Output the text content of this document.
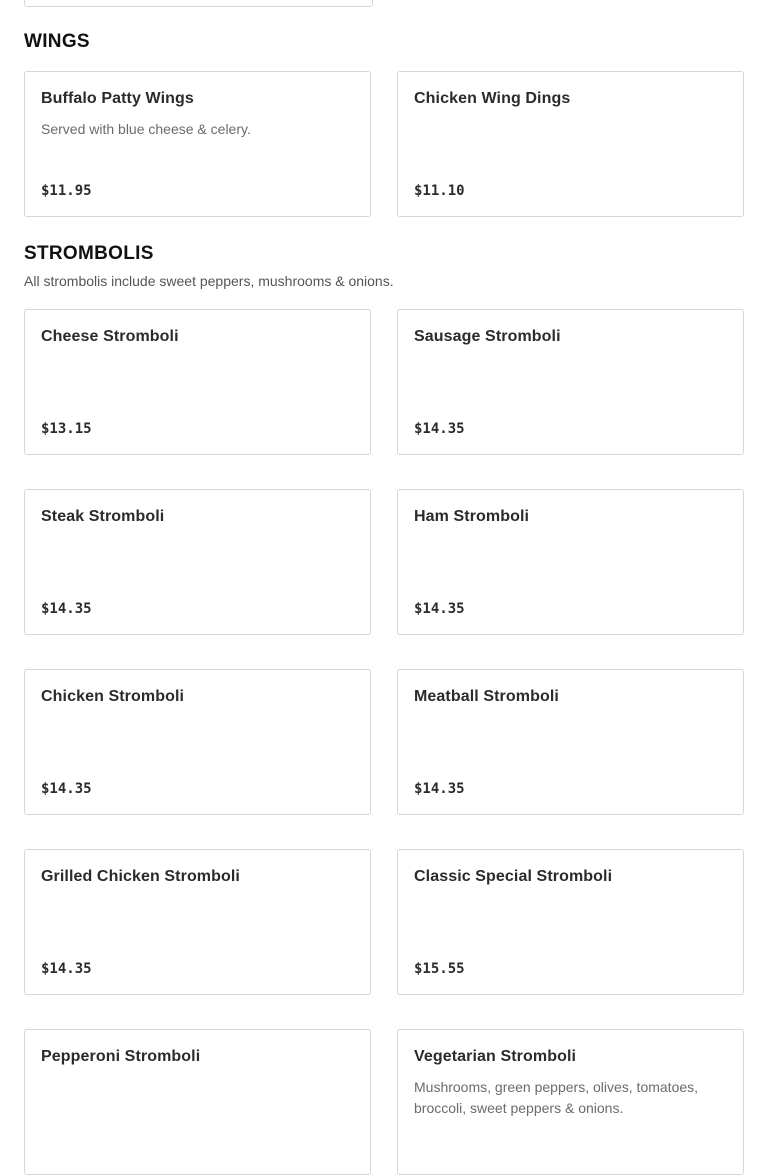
WINGS
Buffalo Patty Wings
Served with blue cheese & celery.
$11.95
Chicken Wing Dings
$11.10
STROMBOLIS
All strombolis include sweet peppers, mushrooms & onions.
Cheese Stromboli
$13.15
Sausage Stromboli
$14.35
Steak Stromboli
$14.35
Ham Stromboli
$14.35
Chicken Stromboli
$14.35
Meatball Stromboli
$14.35
Grilled Chicken Stromboli
$14.35
Classic Special Stromboli
$15.55
Pepperoni Stromboli	Vegetarian Stromboli
Mushrooms, green peppers, olives, tomatoes, broccoli, sweet peppers & onions.
